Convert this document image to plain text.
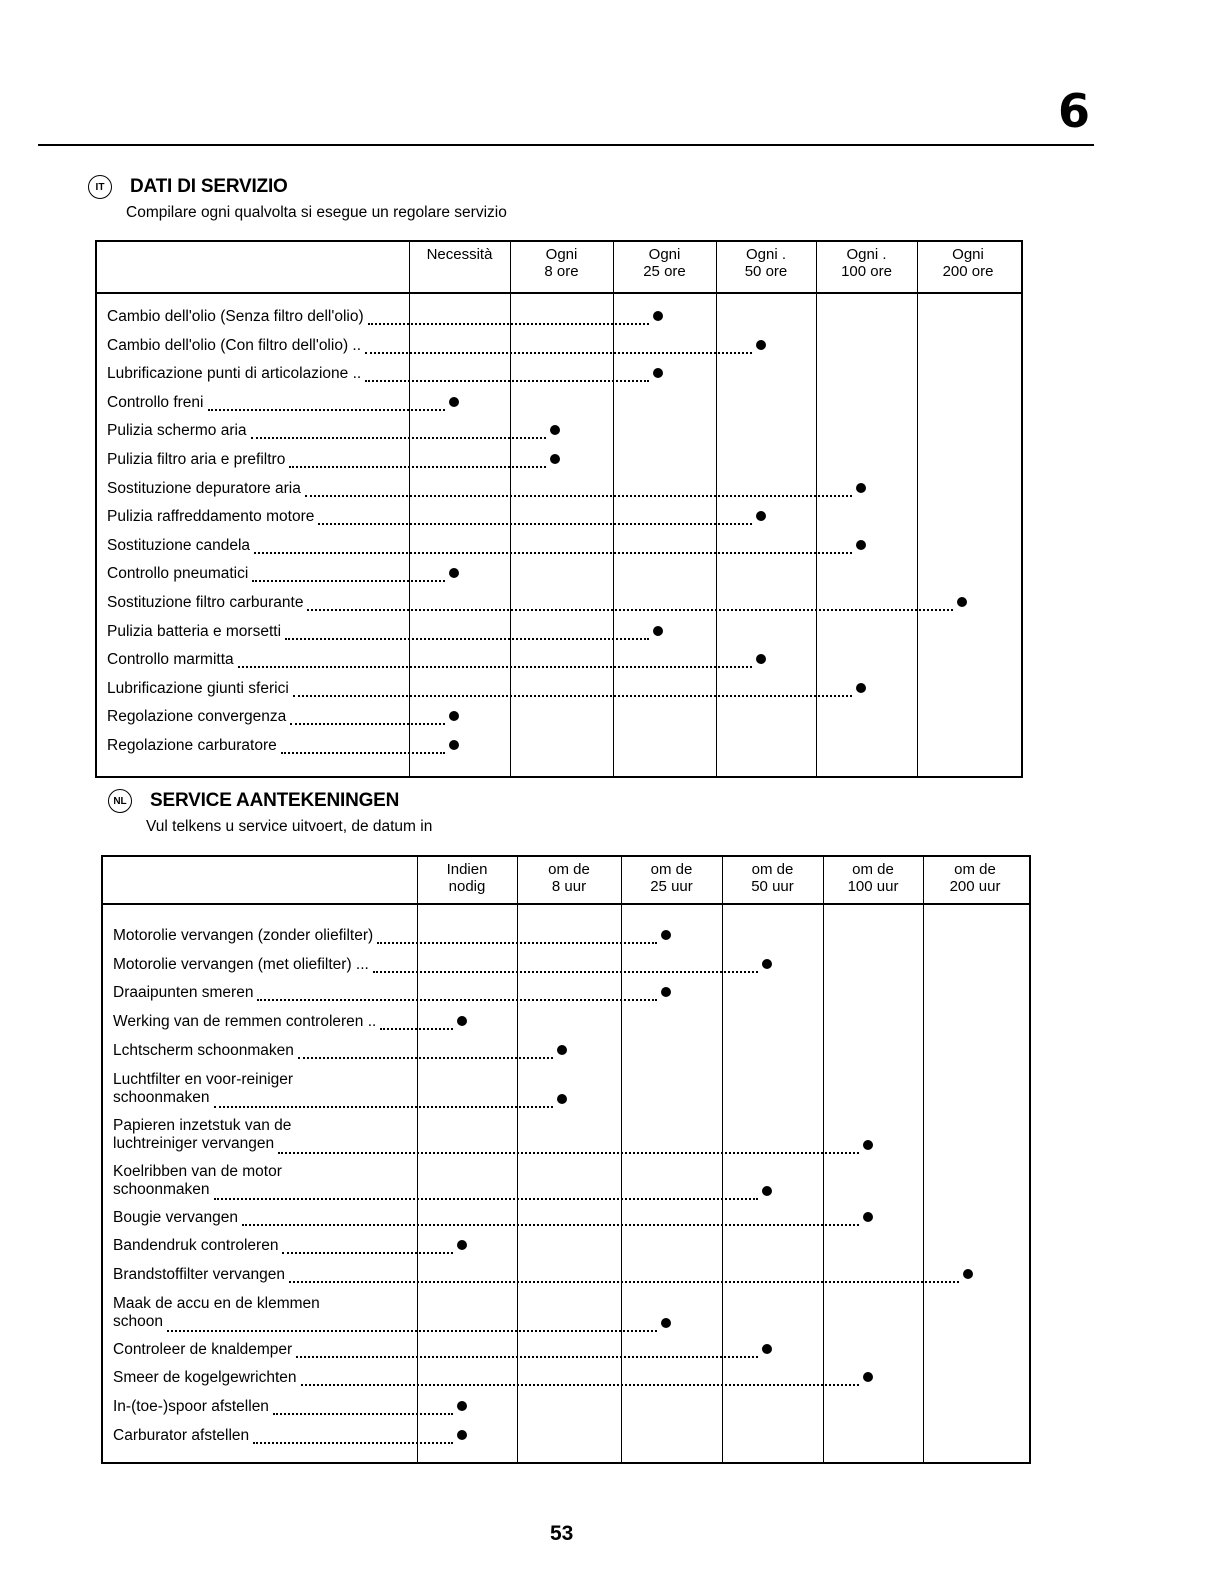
6
IT	DATI DI SERVIZIO
Compilare ogni qualvolta si esegue un regolare servizio
Necessità	Ogni
8 ore
Ogni
25 ore
Ogni .
50 ore
Ogni .
100 ore
Ogni
200 ore
Cambio dell'olio (Senza filtro dell'olio)
Cambio dell'olio (Con filtro dell'olio) ..
Lubrificazione punti di articolazione ..
Controllo freni
Pulizia schermo aria
Pulizia filtro aria e prefiltro
Sostituzione depuratore aria
Pulizia raffreddamento motore
Sostituzione candela
Controllo pneumatici
Sostituzione filtro carburante
Pulizia batteria e morsetti
Controllo marmitta
Lubrificazione giunti sferici
Regolazione convergenza
Regolazione carburatore
NL SERVICE AANTEKENINGEN
Vul telkens u service uitvoert, de datum in
Indien
nodig
om de
8 uur
om de
25 uur
om de
50 uur
om de
100 uur
om de
200 uur
Motorolie vervangen (zonder oliefilter)
Motorolie vervangen (met oliefilter) ...
Draaipunten smeren
Werking van de remmen controleren ..
Lchtscherm schoonmaken
Luchtfilter en voor-reiniger
schoonmaken
Papieren inzetstuk van de
luchtreiniger vervangen
Koelribben van de motor
schoonmaken
Bougie vervangen
Bandendruk controleren
Brandstoffilter vervangen
Maak de accu en de klemmen
schoon
Controleer de knaldemper
Smeer de kogelgewrichten
In-(toe-)spoor afstellen
Carburator afstellen
53
